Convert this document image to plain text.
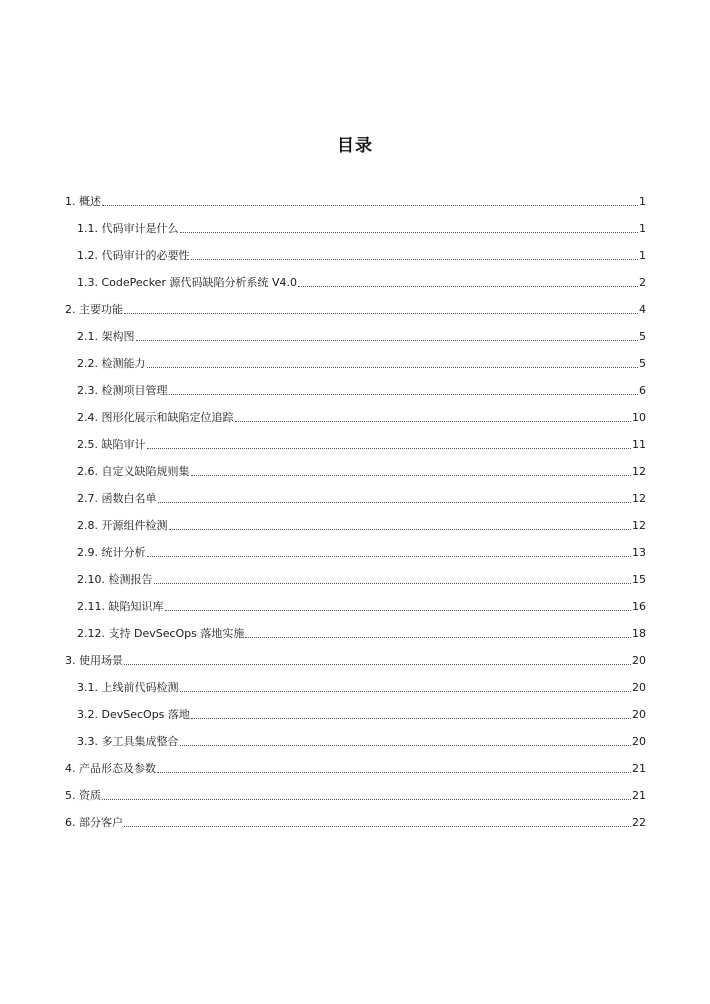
目录
1. 概述	1
1.1. 代码审计是什么	1
1.2. 代码审计的必要性	1
1.3. CodePecker 源代码缺陷分析系统 V4.0	2
2. 主要功能	4
2.1. 架构图	5
2.2. 检测能力	5
2.3. 检测项目管理	6
2.4. 图形化展示和缺陷定位追踪	10
2.5. 缺陷审计	11
2.6. 自定义缺陷规则集	12
2.7. 函数白名单	12
2.8. 开源组件检测	12
2.9. 统计分析	13
2.10. 检测报告	15
2.11. 缺陷知识库	16
2.12. 支持 DevSecOps 落地实施	18
3. 使用场景	20
3.1. 上线前代码检测	20
3.2. DevSecOps 落地	20
3.3. 多工具集成整合	20
4. 产品形态及参数	21
5. 资质	21
6. 部分客户	22
